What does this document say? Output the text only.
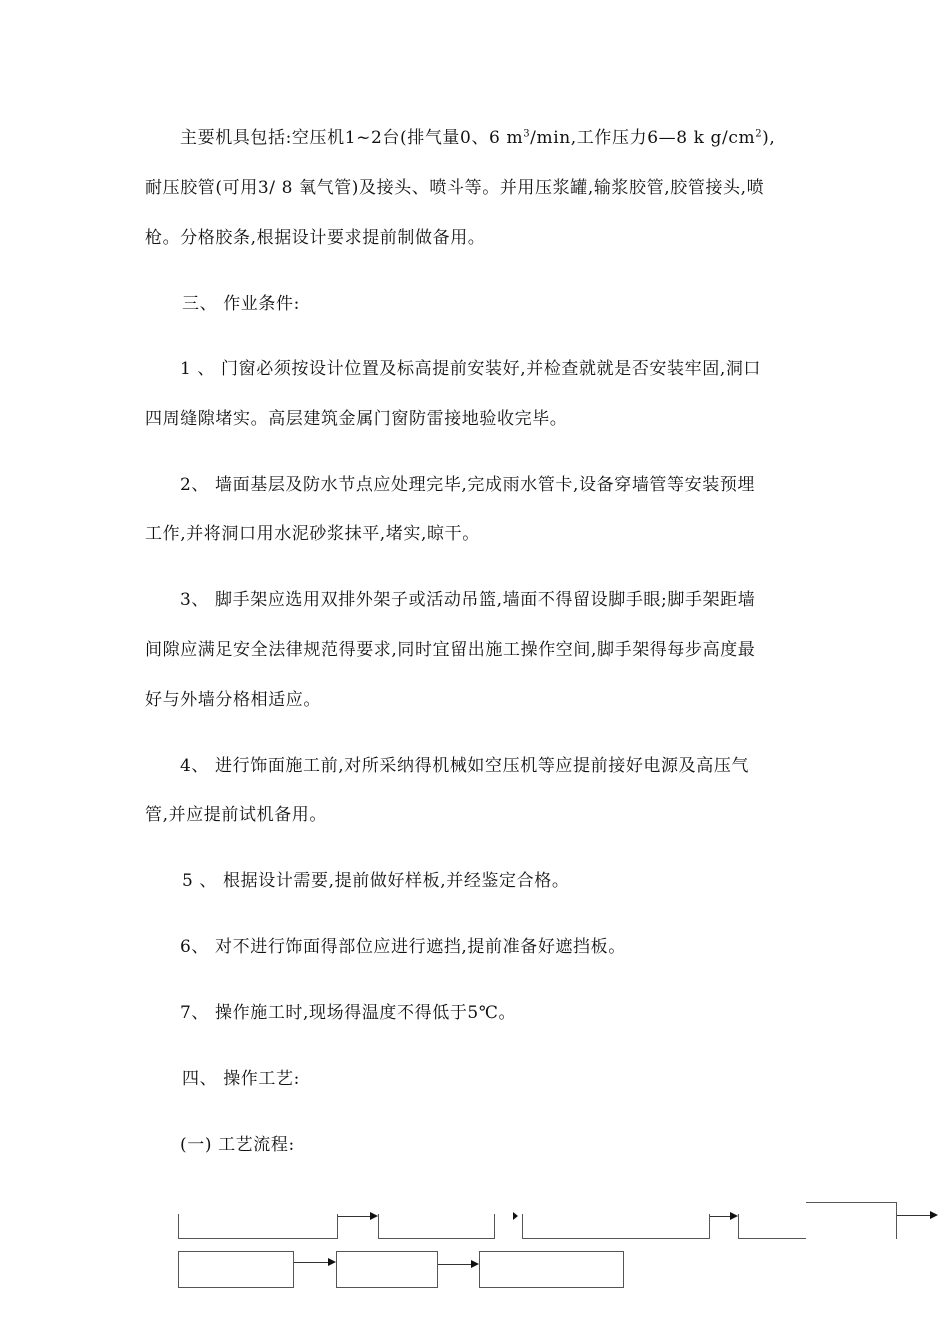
主要机具包括:空压机1~2台(排气量0、6 $m^3/\min$,工作压力6—8 k $g/cm^2$),
耐压胶管(可用3/ 8 氧气管)及接头、喷斗等。并用压浆罐,输浆胶管,胶管接头,喷
枪。分格胶条,根据设计要求提前制做备用。
三、 作业条件:
1 、 门窗必须按设计位置及标高提前安装好,并检查就就是否安装牢固,洞口
四周缝隙堵实。高层建筑金属门窗防雷接地验收完毕。
2、 墙面基层及防水节点应处理完毕,完成雨水管卡,设备穿墙管等安装预埋
工作,并将洞口用水泥砂浆抹平,堵实,晾干。
3、 脚手架应选用双排外架子或活动吊篮,墙面不得留设脚手眼;脚手架距墙
间隙应满足安全法律规范得要求,同时宜留出施工操作空间,脚手架得每步高度最
好与外墙分格相适应。
4、 进行饰面施工前,对所采纳得机械如空压机等应提前接好电源及高压气
管,并应提前试机备用。
5 、 根据设计需要,提前做好样板,并经鉴定合格。
6、 对不进行饰面得部位应进行遮挡,提前准备好遮挡板。
7、 操作施工时,现场得温度不得低于5℃。
四、 操作工艺:
(一) 工艺流程:
